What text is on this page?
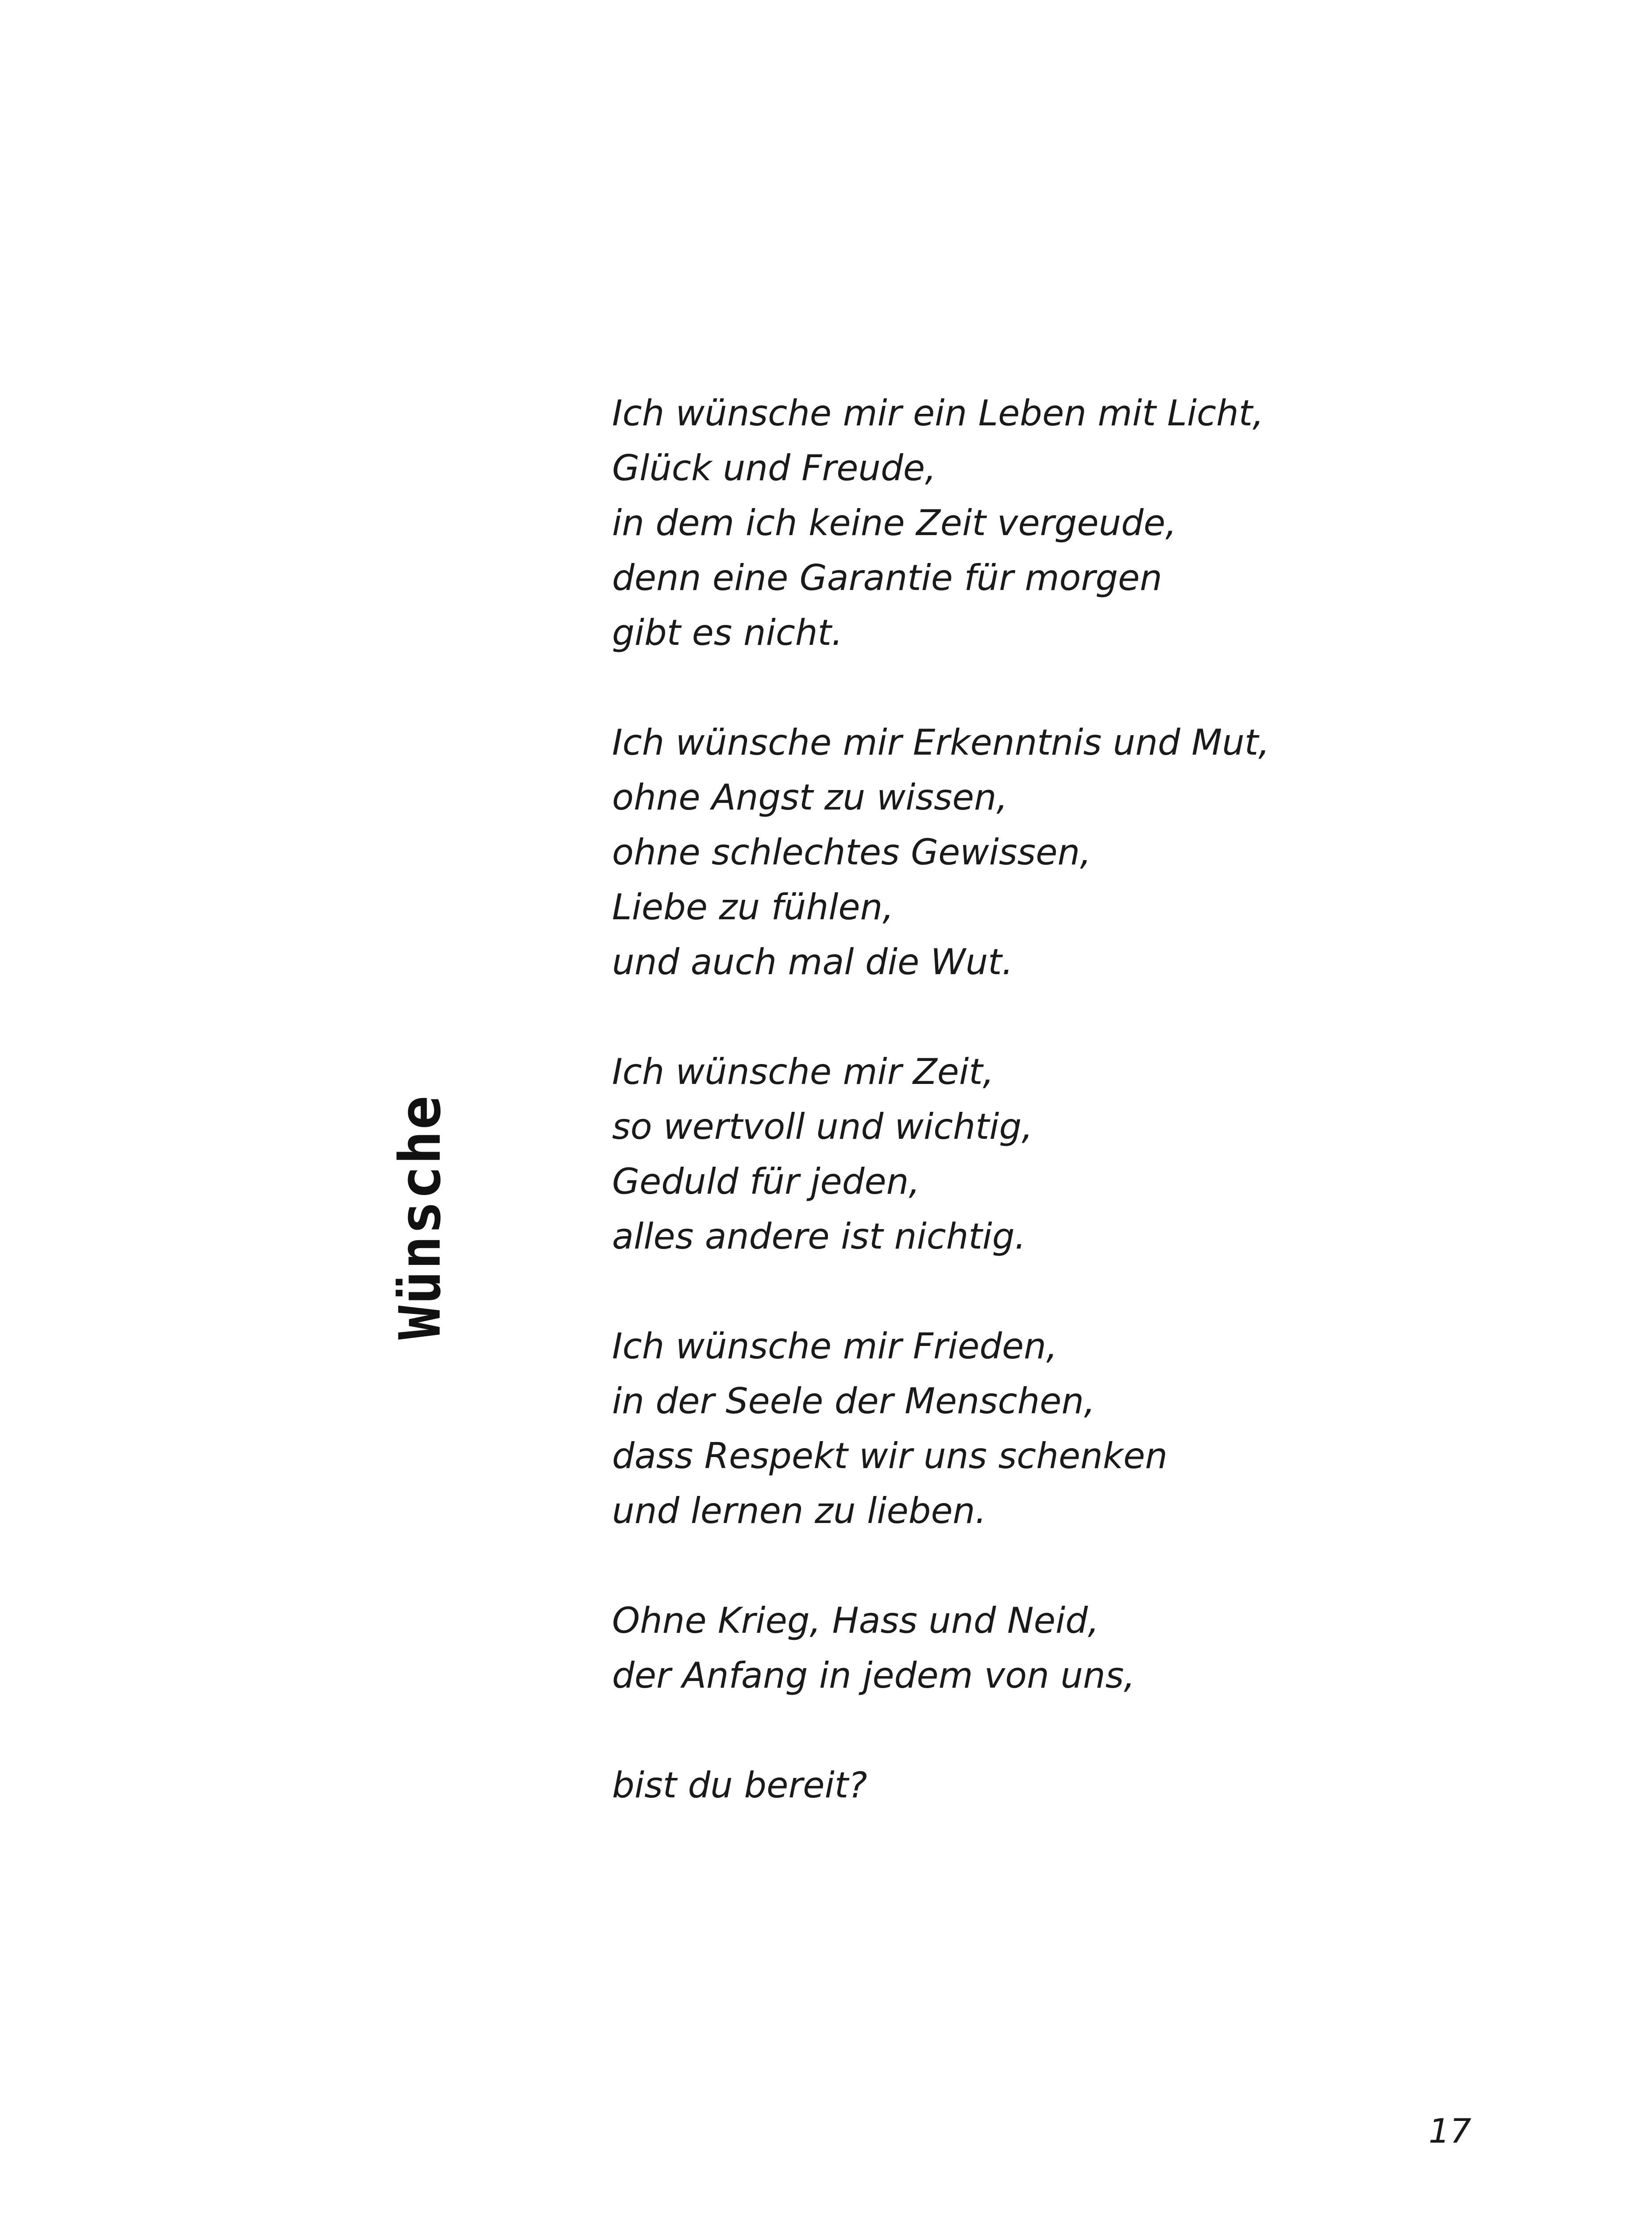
Wünsche
Ich wünsche mir ein Leben mit Licht,
Glück und Freude,
in dem ich keine Zeit vergeude,
denn eine Garantie für morgen
gibt es nicht.
Ich wünsche mir Erkenntnis und Mut,
ohne Angst zu wissen,
ohne schlechtes Gewissen,
Liebe zu fühlen,
und auch mal die Wut.
Ich wünsche mir Zeit,
so wertvoll und wichtig,
Geduld für jeden,
alles andere ist nichtig.
Ich wünsche mir Frieden,
in der Seele der Menschen,
dass Respekt wir uns schenken
und lernen zu lieben.
Ohne Krieg, Hass und Neid,
der Anfang in jedem von uns,
bist du bereit?
17
